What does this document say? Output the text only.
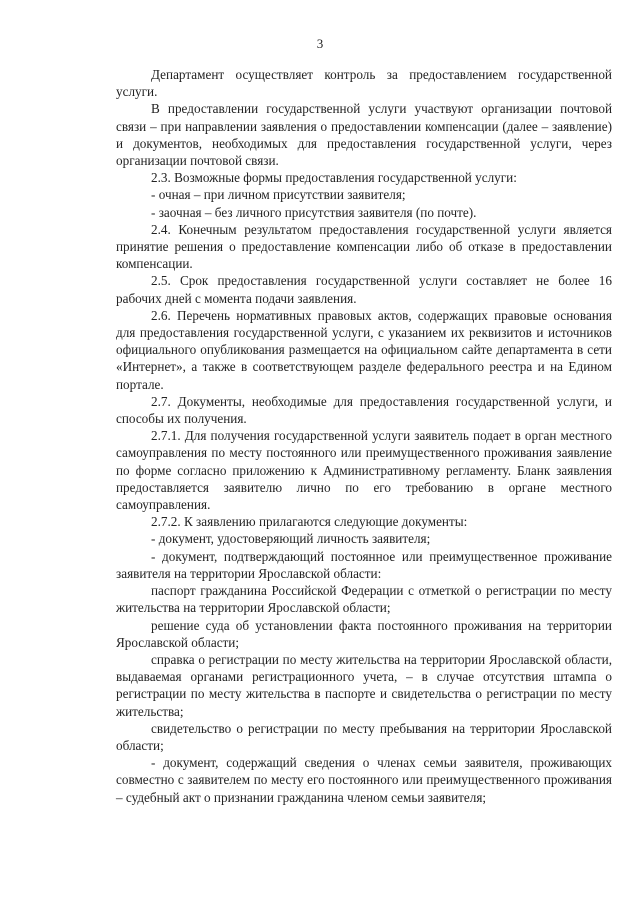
3

Департамент осуществляет контроль за предоставлением государственной услуги.

В предоставлении государственной услуги участвуют организации почтовой связи – при направлении заявления о предоставлении компенсации (далее – заявление) и документов, необходимых для предоставления государственной услуги, через организации почтовой связи.

2.3. Возможные формы предоставления государственной услуги:

- очная – при личном присутствии заявителя;

- заочная – без личного присутствия заявителя (по почте).

2.4. Конечным результатом предоставления государственной услуги является принятие решения о предоставление компенсации либо об отказе в предоставлении компенсации.

2.5. Срок предоставления государственной услуги составляет не более 16 рабочих дней с момента подачи заявления.

2.6. Перечень нормативных правовых актов, содержащих правовые основания для предоставления государственной услуги, с указанием их реквизитов и источников официального опубликования размещается на официальном сайте департамента в сети «Интернет», а также в соответствующем разделе федерального реестра и на Едином портале.

2.7. Документы, необходимые для предоставления государственной услуги, и способы их получения.

2.7.1. Для получения государственной услуги заявитель подает в орган местного самоуправления по месту постоянного или преимущественного проживания заявление по форме согласно приложению к Административному регламенту. Бланк заявления предоставляется заявителю лично по его требованию в органе местного самоуправления.

2.7.2. К заявлению прилагаются следующие документы:

- документ, удостоверяющий личность заявителя;

- документ, подтверждающий постоянное или преимущественное проживание заявителя на территории Ярославской области:

паспорт гражданина Российской Федерации с отметкой о регистрации по месту жительства на территории Ярославской области;

решение суда об установлении факта постоянного проживания на территории Ярославской области;

справка о регистрации по месту жительства на территории Ярославской области, выдаваемая органами регистрационного учета, – в случае отсутствия штампа о регистрации по месту жительства в паспорте и свидетельства о регистрации по месту жительства;

свидетельство о регистрации по месту пребывания на территории Ярославской области;

- документ, содержащий сведения о членах семьи заявителя, проживающих совместно с заявителем по месту его постоянного или преимущественного проживания – судебный акт о признании гражданина членом семьи заявителя;
